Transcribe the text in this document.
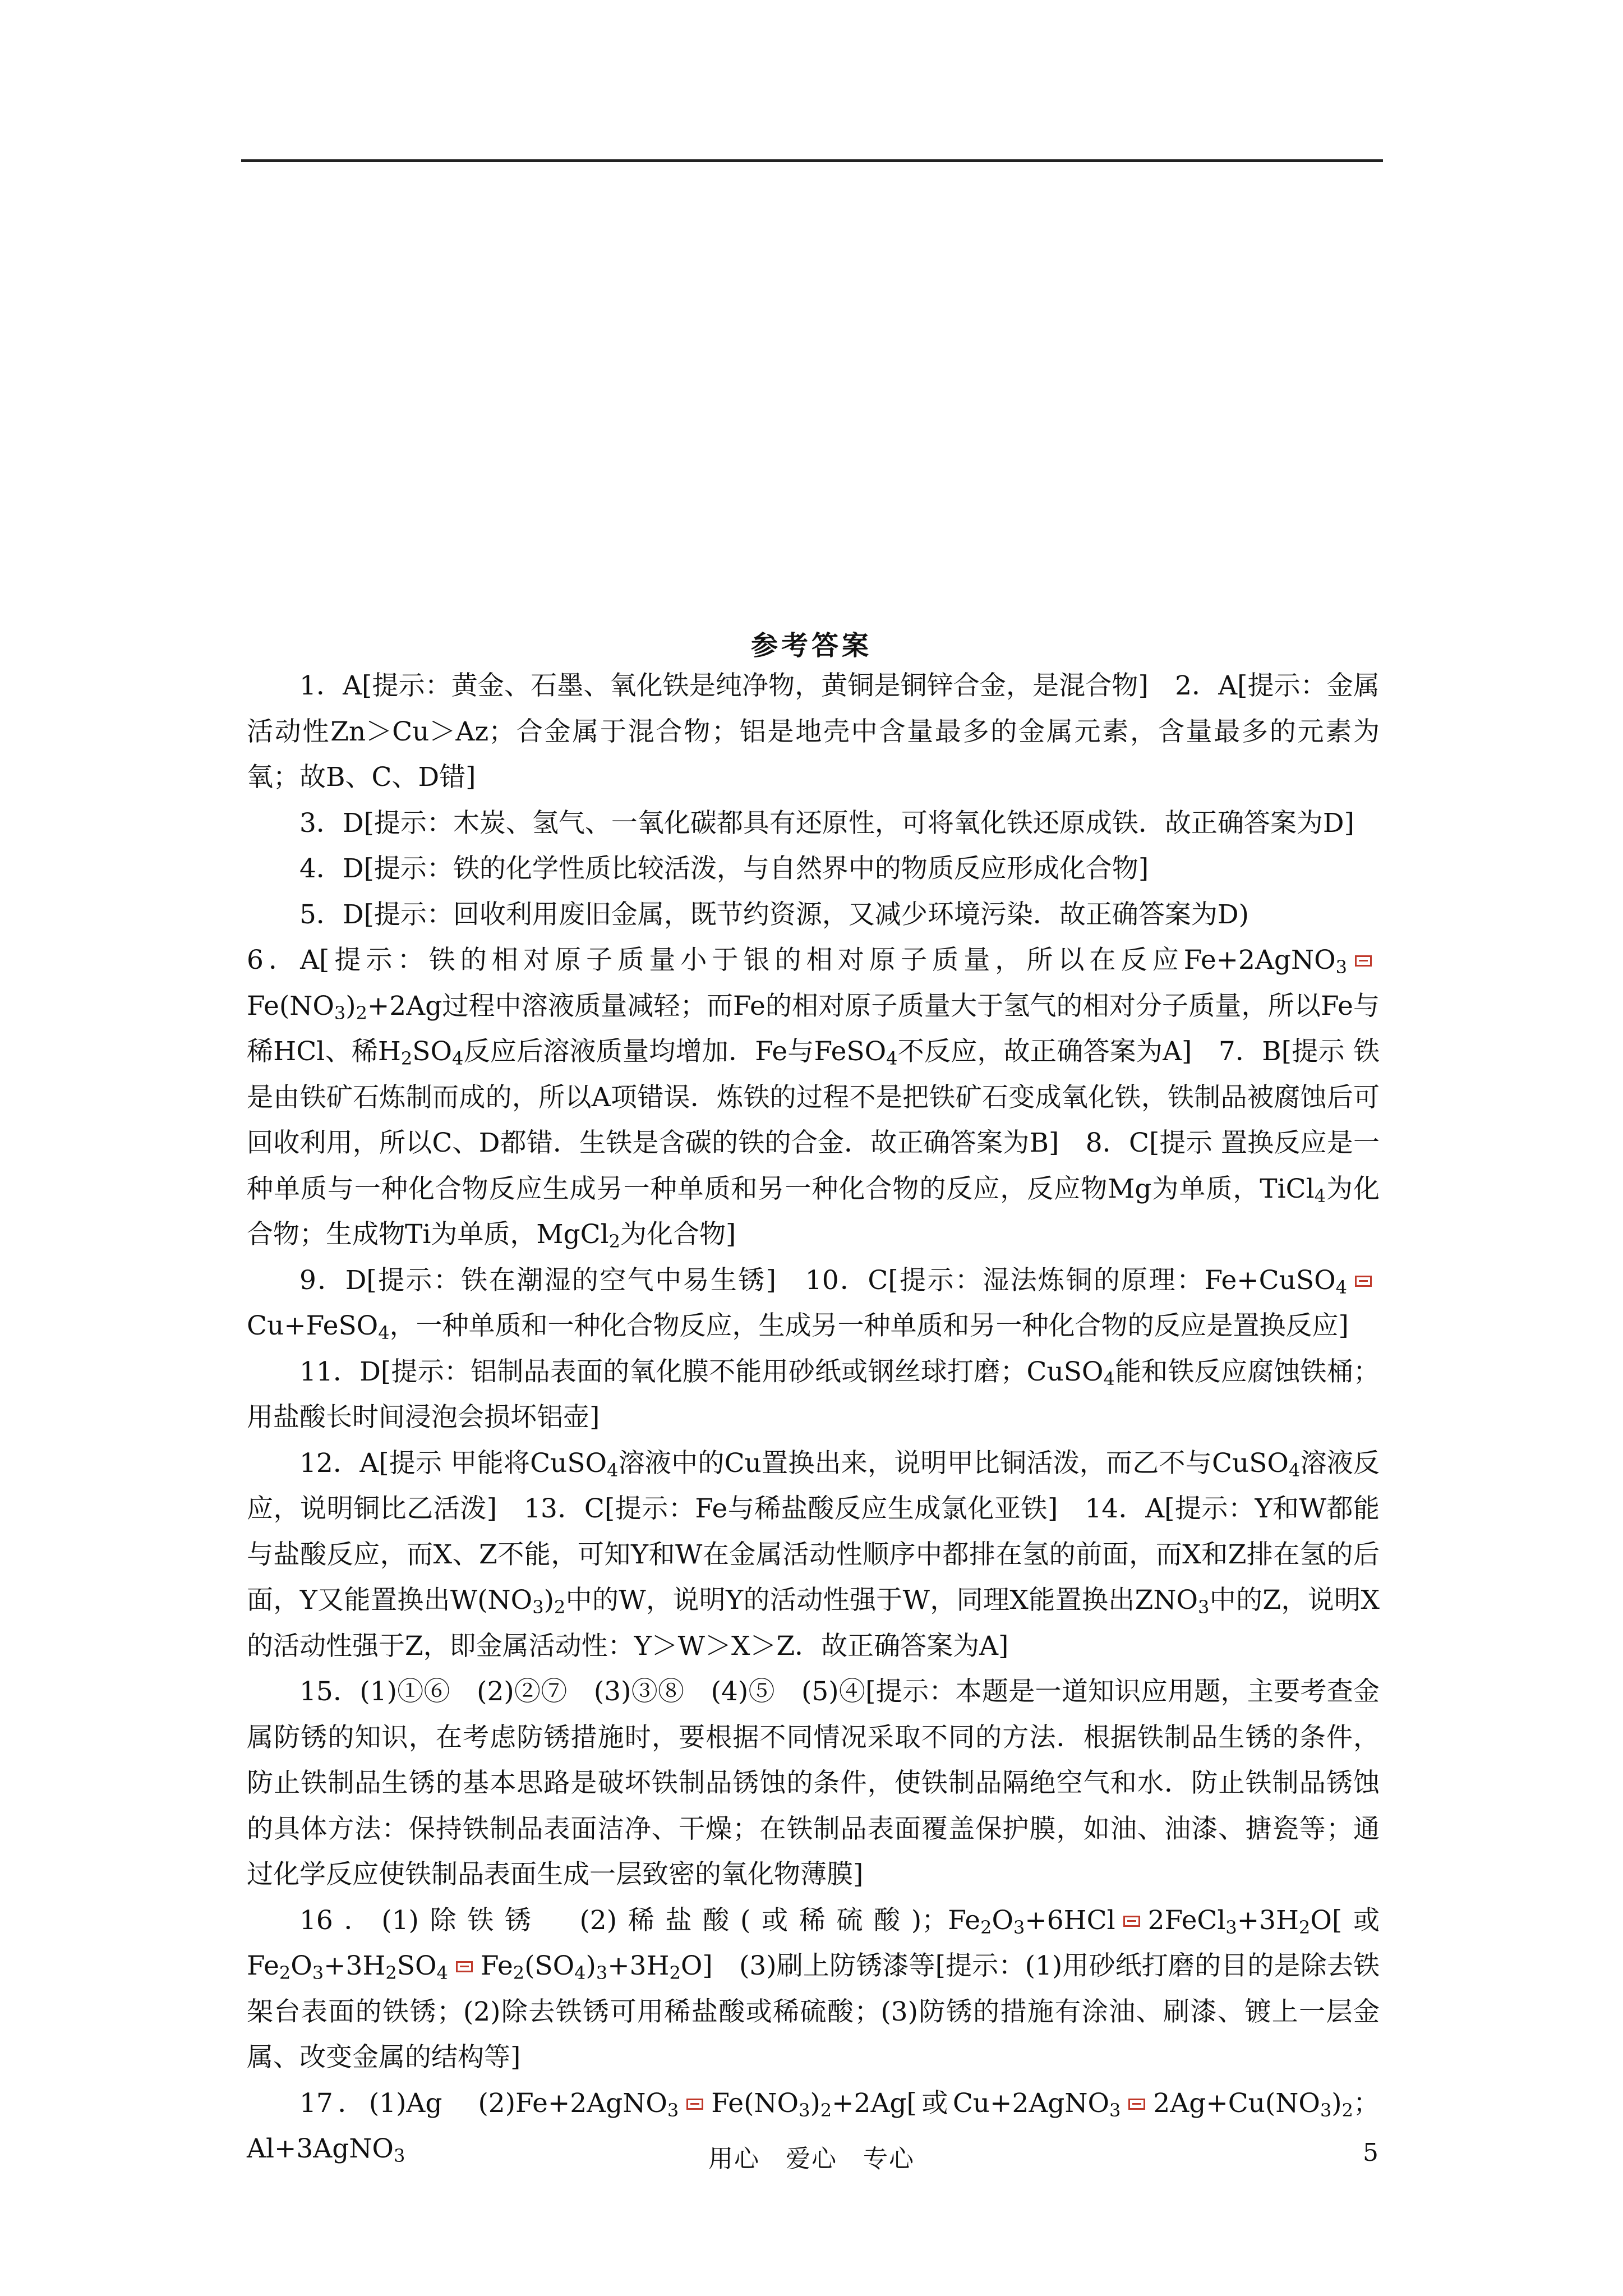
参考答案

1．A[提示：黄金、石墨、氧化铁是纯净物，黄铜是铜锌合金，是混合物]　2．A[提示：金属活动性Zn＞Cu＞Az；合金属于混合物；铝是地壳中含量最多的金属元素，含量最多的元素为氧；故B、C、D错]

3．D[提示：木炭、氢气、一氧化碳都具有还原性，可将氧化铁还原成铁．故正确答案为D]

4．D[提示：铁的化学性质比较活泼，与自然界中的物质反应形成化合物]

5．D[提示：回收利用废旧金属，既节约资源，又减少环境污染．故正确答案为D)

6．A[提示：铁的相对原子质量小于银的相对原子质量，所以在反应$Fe+2AgNO_3Fe(NO_3)_2+2Ag$过程中溶液质量减轻；而Fe的相对原子质量大于氢气的相对分子质量，所以Fe与稀HCl、稀$H_2SO_4$反应后溶液质量均增加．Fe与FeSO$_4$不反应，故正确答案为A]　7．B[提示 铁是由铁矿石炼制而成的，所以A项错误．炼铁的过程不是把铁矿石变成氧化铁，铁制品被腐蚀后可回收利用，所以C、D都错．生铁是含碳的铁的合金．故正确答案为B]　8．C[提示 置换反应是一种单质与一种化合物反应生成另一种单质和另一种化合物的反应，反应物Mg为单质，TiCl$_4$为化合物；生成物Ti为单质，MgCl$_2$为化合物]

9．D[提示：铁在潮湿的空气中易生锈]　10．C[提示：湿法炼铜的原理：Fe+CuSO$_4$Cu+FeSO$_4$，一种单质和一种化合物反应，生成另一种单质和另一种化合物的反应是置换反应]

11．D[提示：铝制品表面的氧化膜不能用砂纸或钢丝球打磨；CuSO$_4$能和铁反应腐蚀铁桶；用盐酸长时间浸泡会损坏铝壶]

12．A[提示 甲能将CuSO$_4$溶液中的Cu置换出来，说明甲比铜活泼，而乙不与CuSO$_4$溶液反应，说明铜比乙活泼]　13．C[提示：Fe与稀盐酸反应生成氯化亚铁]　14．A[提示：Y和W都能与盐酸反应，而X、Z不能，可知Y和W在金属活动性顺序中都排在氢的前面，而X和Z排在氢的后面，Y又能置换出$W(NO_3)_2$中的W，说明Y的活动性强于W，同理X能置换出$ZNO_3$中的Z，说明X的活动性强于Z，即金属活动性：Y＞W＞X＞Z．故正确答案为A]

15．(1)①⑥　(2)②⑦　(3)③⑧　(4)⑤　(5)④[提示：本题是一道知识应用题，主要考查金属防锈的知识，在考虑防锈措施时，要根据不同情况采取不同的方法．根据铁制品生锈的条件，防止铁制品生锈的基本思路是破坏铁制品锈蚀的条件，使铁制品隔绝空气和水．防止铁制品锈蚀的具体方法：保持铁制品表面洁净、干燥；在铁制品表面覆盖保护膜，如油、油漆、搪瓷等；通过化学反应使铁制品表面生成一层致密的氧化物薄膜]

16．(1)除铁锈　(2)稀盐酸(或稀硫酸)；$Fe_2O_3+6HCl$ $2FeCl_3+3H_2O$[或$Fe_2O_3+3H_2SO_4$ $Fe_2(SO_4)_3+3H_2O$]　(3)刷上防锈漆等[提示：(1)用砂纸打磨的目的是除去铁架台表面的铁锈；(2)除去铁锈可用稀盐酸或稀硫酸；(3)防锈的措施有涂油、刷漆、镀上一层金属、改变金属的结构等]

17．(1)Ag　(2)Fe+2AgNO$_3$ $Fe(NO_3)_2+2Ag$[或Cu+2AgNO$_3$ $2Ag+Cu(NO_3)_2$；Al+3AgNO$_3$	用心　爱心　专心	5
